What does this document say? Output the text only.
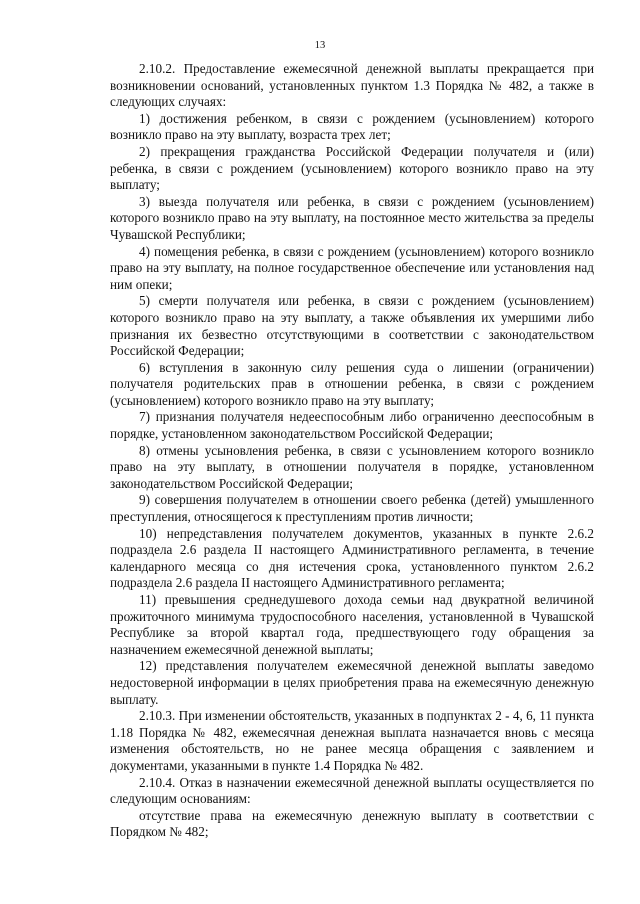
13

2.10.2. Предоставление ежемесячной денежной выплаты прекращается при возникновении оснований, установленных пунктом 1.3 Порядка № 482, а также в следующих случаях:

1) достижения ребенком, в связи с рождением (усыновлением) которого возникло право на эту выплату, возраста трех лет;

2) прекращения гражданства Российской Федерации получателя и (или) ребенка, в связи с рождением (усыновлением) которого возникло право на эту выплату;

3) выезда получателя или ребенка, в связи с рождением (усыновлением) которого возникло право на эту выплату, на постоянное место жительства за пределы Чувашской Республики;

4) помещения ребенка, в связи с рождением (усыновлением) которого возникло право на эту выплату, на полное государственное обеспечение или установления над ним опеки;

5) смерти получателя или ребенка, в связи с рождением (усыновлением) которого возникло право на эту выплату, а также объявления их умершими либо признания их безвестно отсутствующими в соответствии с законодательством Российской Федерации;

6) вступления в законную силу решения суда о лишении (ограничении) получателя родительских прав в отношении ребенка, в связи с рождением (усыновлением) которого возникло право на эту выплату;

7) признания получателя недееспособным либо ограниченно дееспособным в порядке, установленном законодательством Российской Федерации;

8) отмены усыновления ребенка, в связи с усыновлением которого возникло право на эту выплату, в отношении получателя в порядке, установленном законодательством Российской Федерации;

9) совершения получателем в отношении своего ребенка (детей) умышленного преступления, относящегося к преступлениям против личности;

10) непредставления получателем документов, указанных в пункте 2.6.2 подраздела 2.6 раздела II настоящего Административного регламента, в течение календарного месяца со дня истечения срока, установленного пунктом 2.6.2 подраздела 2.6 раздела II настоящего Административного регламента;

11) превышения среднедушевого дохода семьи над двукратной величиной прожиточного минимума трудоспособного населения, установленной в Чувашской Республике за второй квартал года, предшествующего году обращения за назначением ежемесячной денежной выплаты;

12) представления получателем ежемесячной денежной выплаты заведомо недостоверной информации в целях приобретения права на ежемесячную денежную выплату.

2.10.3. При изменении обстоятельств, указанных в подпунктах 2 - 4, 6, 11 пункта 1.18 Порядка № 482, ежемесячная денежная выплата назначается вновь с месяца изменения обстоятельств, но не ранее месяца обращения с заявлением и документами, указанными в пункте 1.4 Порядка № 482.

2.10.4. Отказ в назначении ежемесячной денежной выплаты осуществляется по следующим основаниям:

отсутствие права на ежемесячную денежную выплату в соответствии с Порядком № 482;
